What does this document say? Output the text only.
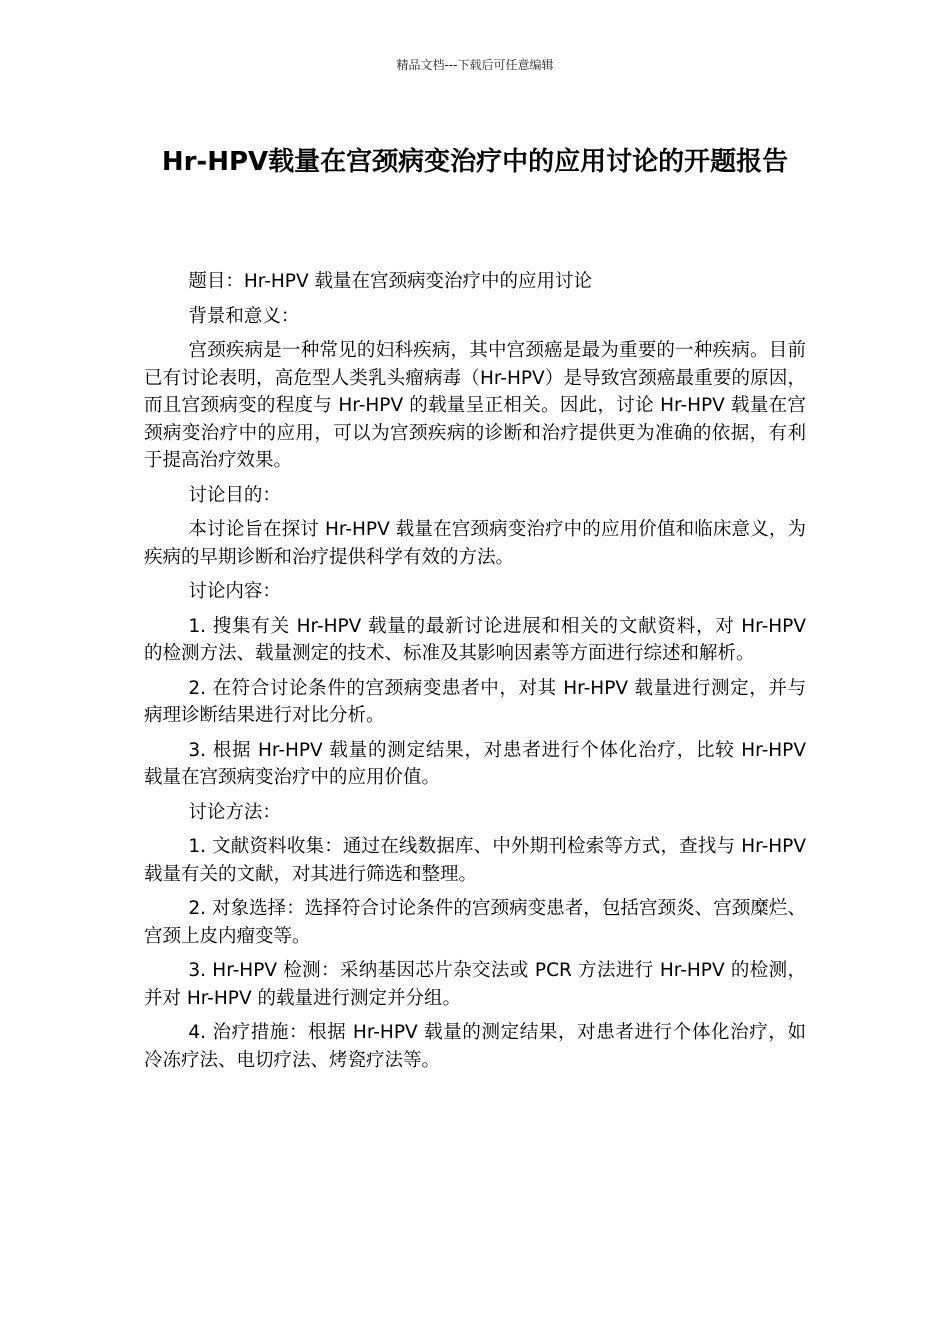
精品文档---下载后可任意编辑
Hr-HPV载量在宫颈病变治疗中的应用讨论的开题报告

题目：Hr-HPV 载量在宫颈病变治疗中的应用讨论

背景和意义：

宫颈疾病是一种常见的妇科疾病，其中宫颈癌是最为重要的一种疾病。目前已有讨论表明，高危型人类乳头瘤病毒（Hr-HPV）是导致宫颈癌最重要的原因，而且宫颈病变的程度与 Hr-HPV 的载量呈正相关。因此，讨论 Hr-HPV 载量在宫颈病变治疗中的应用，可以为宫颈疾病的诊断和治疗提供更为准确的依据，有利于提高治疗效果。

讨论目的：

本讨论旨在探讨 Hr-HPV 载量在宫颈病变治疗中的应用价值和临床意义，为疾病的早期诊断和治疗提供科学有效的方法。

讨论内容：

1. 搜集有关 Hr-HPV 载量的最新讨论进展和相关的文献资料，对 Hr-HPV 的检测方法、载量测定的技术、标准及其影响因素等方面进行综述和解析。

2. 在符合讨论条件的宫颈病变患者中，对其 Hr-HPV 载量进行测定，并与病理诊断结果进行对比分析。

3. 根据 Hr-HPV 载量的测定结果，对患者进行个体化治疗，比较 Hr-HPV 载量在宫颈病变治疗中的应用价值。

讨论方法：

1. 文献资料收集：通过在线数据库、中外期刊检索等方式，查找与 Hr-HPV 载量有关的文献，对其进行筛选和整理。

2. 对象选择：选择符合讨论条件的宫颈病变患者，包括宫颈炎、宫颈糜烂、宫颈上皮内瘤变等。

3. Hr-HPV 检测：采纳基因芯片杂交法或 PCR 方法进行 Hr-HPV 的检测，并对 Hr-HPV 的载量进行测定并分组。

4. 治疗措施：根据 Hr-HPV 载量的测定结果，对患者进行个体化治疗，如冷冻疗法、电切疗法、烤瓷疗法等。
